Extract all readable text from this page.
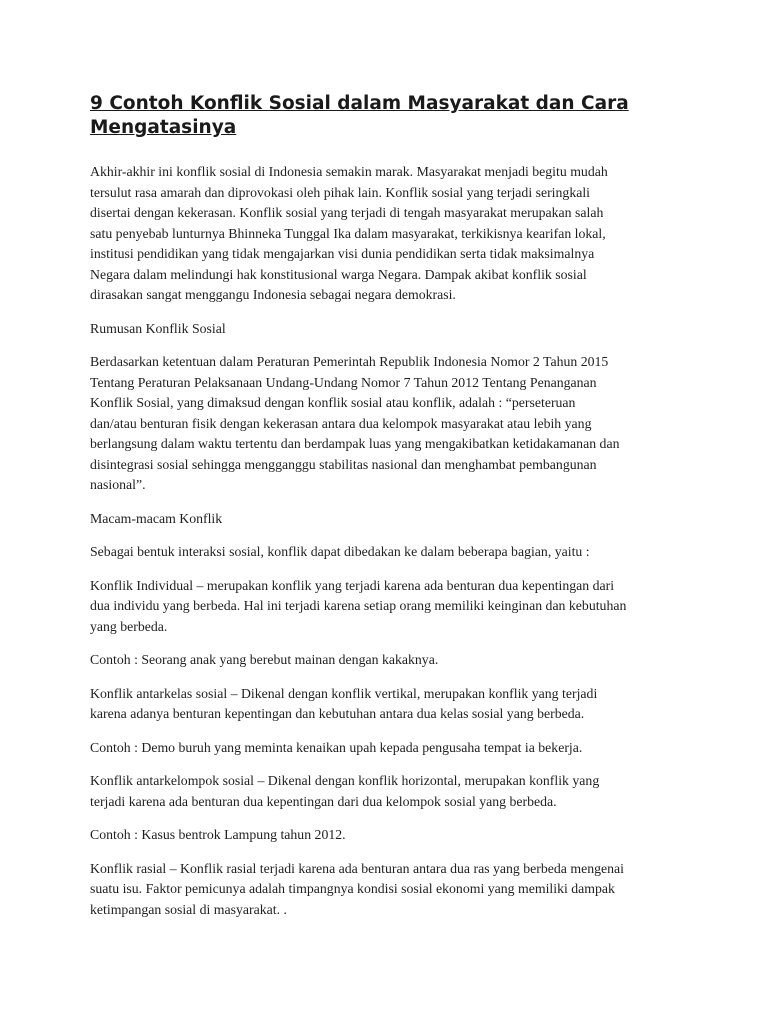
9 Contoh Konflik Sosial dalam Masyarakat dan Cara
Mengatasinya

Akhir-akhir ini konflik sosial di Indonesia semakin marak. Masyarakat menjadi begitu mudah
tersulut rasa amarah dan diprovokasi oleh pihak lain. Konflik sosial yang terjadi seringkali
disertai dengan kekerasan. Konflik sosial yang terjadi di tengah masyarakat merupakan salah
satu penyebab lunturnya Bhinneka Tunggal Ika dalam masyarakat, terkikisnya kearifan lokal,
institusi pendidikan yang tidak mengajarkan visi dunia pendidikan serta tidak maksimalnya
Negara dalam melindungi hak konstitusional warga Negara. Dampak akibat konflik sosial
dirasakan sangat menggangu Indonesia sebagai negara demokrasi.

Rumusan Konflik Sosial

Berdasarkan ketentuan dalam Peraturan Pemerintah Republik Indonesia Nomor 2 Tahun 2015
Tentang Peraturan Pelaksanaan Undang-Undang Nomor 7 Tahun 2012 Tentang Penanganan
Konflik Sosial, yang dimaksud dengan konflik sosial atau konflik, adalah : “perseteruan
dan/atau benturan fisik dengan kekerasan antara dua kelompok masyarakat atau lebih yang
berlangsung dalam waktu tertentu dan berdampak luas yang mengakibatkan ketidakamanan dan
disintegrasi sosial sehingga mengganggu stabilitas nasional dan menghambat pembangunan
nasional”.

Macam-macam Konflik

Sebagai bentuk interaksi sosial, konflik dapat dibedakan ke dalam beberapa bagian, yaitu :

Konflik Individual – merupakan konflik yang terjadi karena ada benturan dua kepentingan dari
dua individu yang berbeda. Hal ini terjadi karena setiap orang memiliki keinginan dan kebutuhan
yang berbeda.

Contoh : Seorang anak yang berebut mainan dengan kakaknya.

Konflik antarkelas sosial – Dikenal dengan konflik vertikal, merupakan konflik yang terjadi
karena adanya benturan kepentingan dan kebutuhan antara dua kelas sosial yang berbeda.

Contoh : Demo buruh yang meminta kenaikan upah kepada pengusaha tempat ia bekerja.

Konflik antarkelompok sosial – Dikenal dengan konflik horizontal, merupakan konflik yang
terjadi karena ada benturan dua kepentingan dari dua kelompok sosial yang berbeda.

Contoh : Kasus bentrok Lampung tahun 2012.

Konflik rasial – Konflik rasial terjadi karena ada benturan antara dua ras yang berbeda mengenai
suatu isu. Faktor pemicunya adalah timpangnya kondisi sosial ekonomi yang memiliki dampak
ketimpangan sosial di masyarakat. .
